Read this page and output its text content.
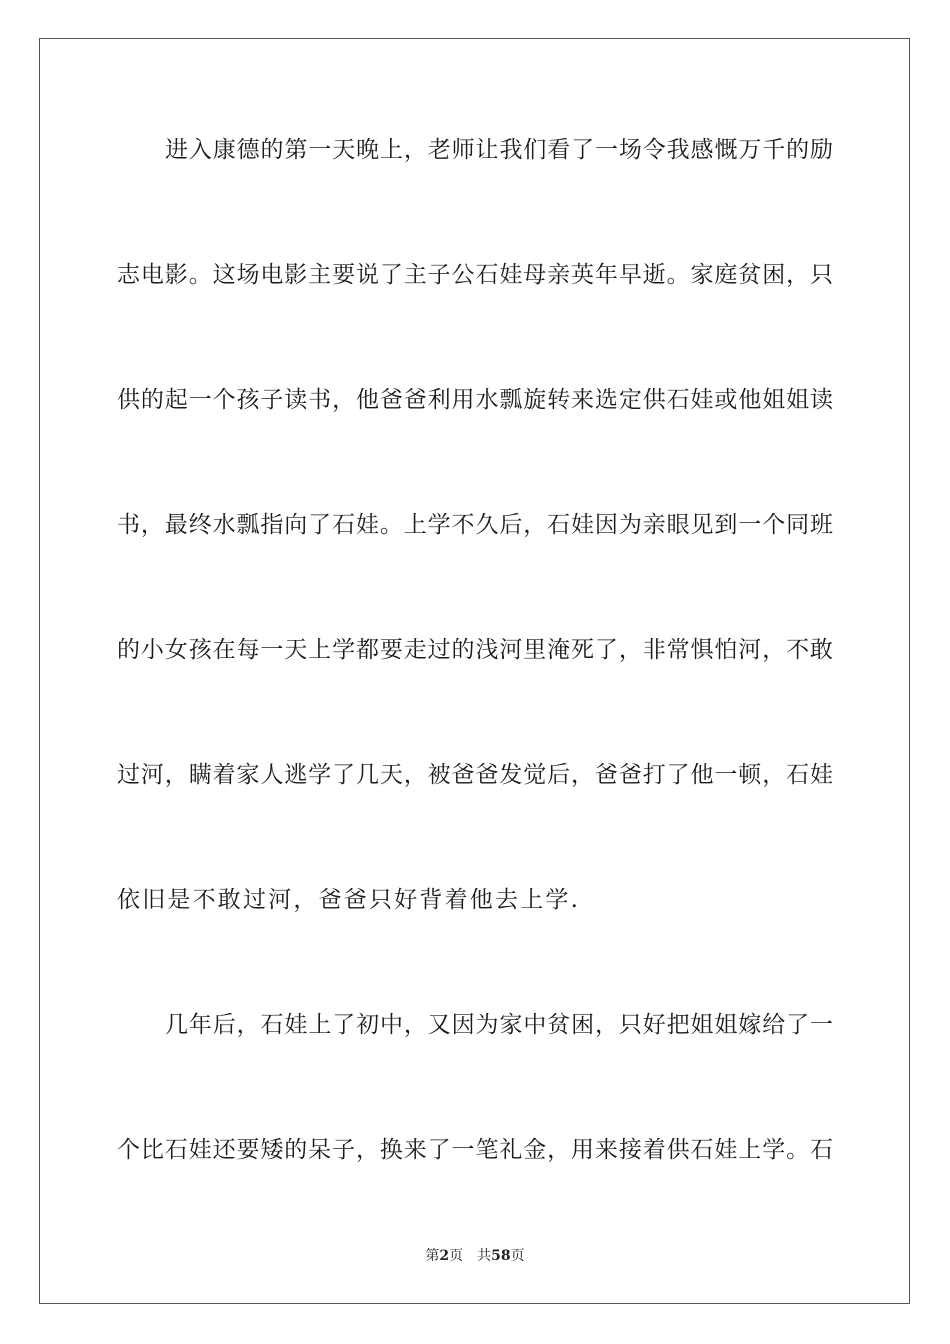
进入康德的第一天晚上，老师让我们看了一场令我感慨万千的励
志电影。这场电影主要说了主子公石娃母亲英年早逝。家庭贫困，只
供的起一个孩子读书，他爸爸利用水瓢旋转来选定供石娃或他姐姐读
书，最终水瓢指向了石娃。上学不久后，石娃因为亲眼见到一个同班
的小女孩在每一天上学都要走过的浅河里淹死了，非常惧怕河，不敢
过河，瞒着家人逃学了几天，被爸爸发觉后，爸爸打了他一顿，石娃
依旧是不敢过河，爸爸只好背着他去上学.
几年后，石娃上了初中，又因为家中贫困，只好把姐姐嫁给了一
个比石娃还要矮的呆子，换来了一笔礼金，用来接着供石娃上学。石
第2页 共58页
